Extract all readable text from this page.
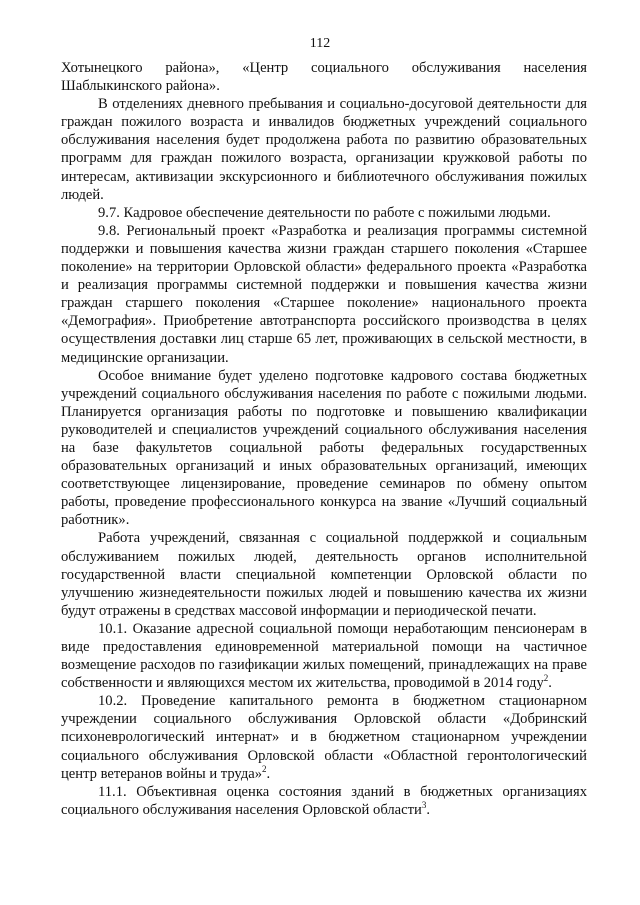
112

Хотынецкого района», «Центр социального обслуживания населения Шаблыкинского района».

В отделениях дневного пребывания и социально-досуговой деятельности для граждан пожилого возраста и инвалидов бюджетных учреждений социального обслуживания населения будет продолжена работа по развитию образовательных программ для граждан пожилого возраста, организации кружковой работы по интересам, активизации экскурсионного и библиотечного обслуживания пожилых людей.

9.7. Кадровое обеспечение деятельности по работе с пожилыми людьми.

9.8. Региональный проект «Разработка и реализация программы системной поддержки и повышения качества жизни граждан старшего поколения «Старшее поколение» на территории Орловской области» федерального проекта «Разработка и реализация программы системной поддержки и повышения качества жизни граждан старшего поколения «Старшее поколение» национального проекта «Демография». Приобретение автотранспорта российского производства в целях осуществления доставки лиц старше 65 лет, проживающих в сельской местности, в медицинские организации.

Особое внимание будет уделено подготовке кадрового состава бюджетных учреждений социального обслуживания населения по работе с пожилыми людьми. Планируется организация работы по подготовке и повышению квалификации руководителей и специалистов учреждений социального обслуживания населения на базе факультетов социальной работы федеральных государственных образовательных организаций и иных образовательных организаций, имеющих соответствующее лицензирование, проведение семинаров по обмену опытом работы, проведение профессионального конкурса на звание «Лучший социальный работник».

Работа учреждений, связанная с социальной поддержкой и социальным обслуживанием пожилых людей, деятельность органов исполнительной государственной власти специальной компетенции Орловской области по улучшению жизнедеятельности пожилых людей и повышению качества их жизни будут отражены в средствах массовой информации и периодической печати.

10.1. Оказание адресной социальной помощи неработающим пенсионерам в виде предоставления единовременной материальной помощи на частичное возмещение расходов по газификации жилых помещений, принадлежащих на праве собственности и являющихся местом их жительства, проводимой в 2014 году$^2$.

10.2. Проведение капитального ремонта в бюджетном стационарном учреждении социального обслуживания Орловской области «Добринский психоневрологический интернат» и в бюджетном стационарном учреждении социального обслуживания Орловской области «Областной геронтологический центр ветеранов войны и труда»$^2$.

11.1. Объективная оценка состояния зданий в бюджетных организациях социального обслуживания населения Орловской области$^3$.
